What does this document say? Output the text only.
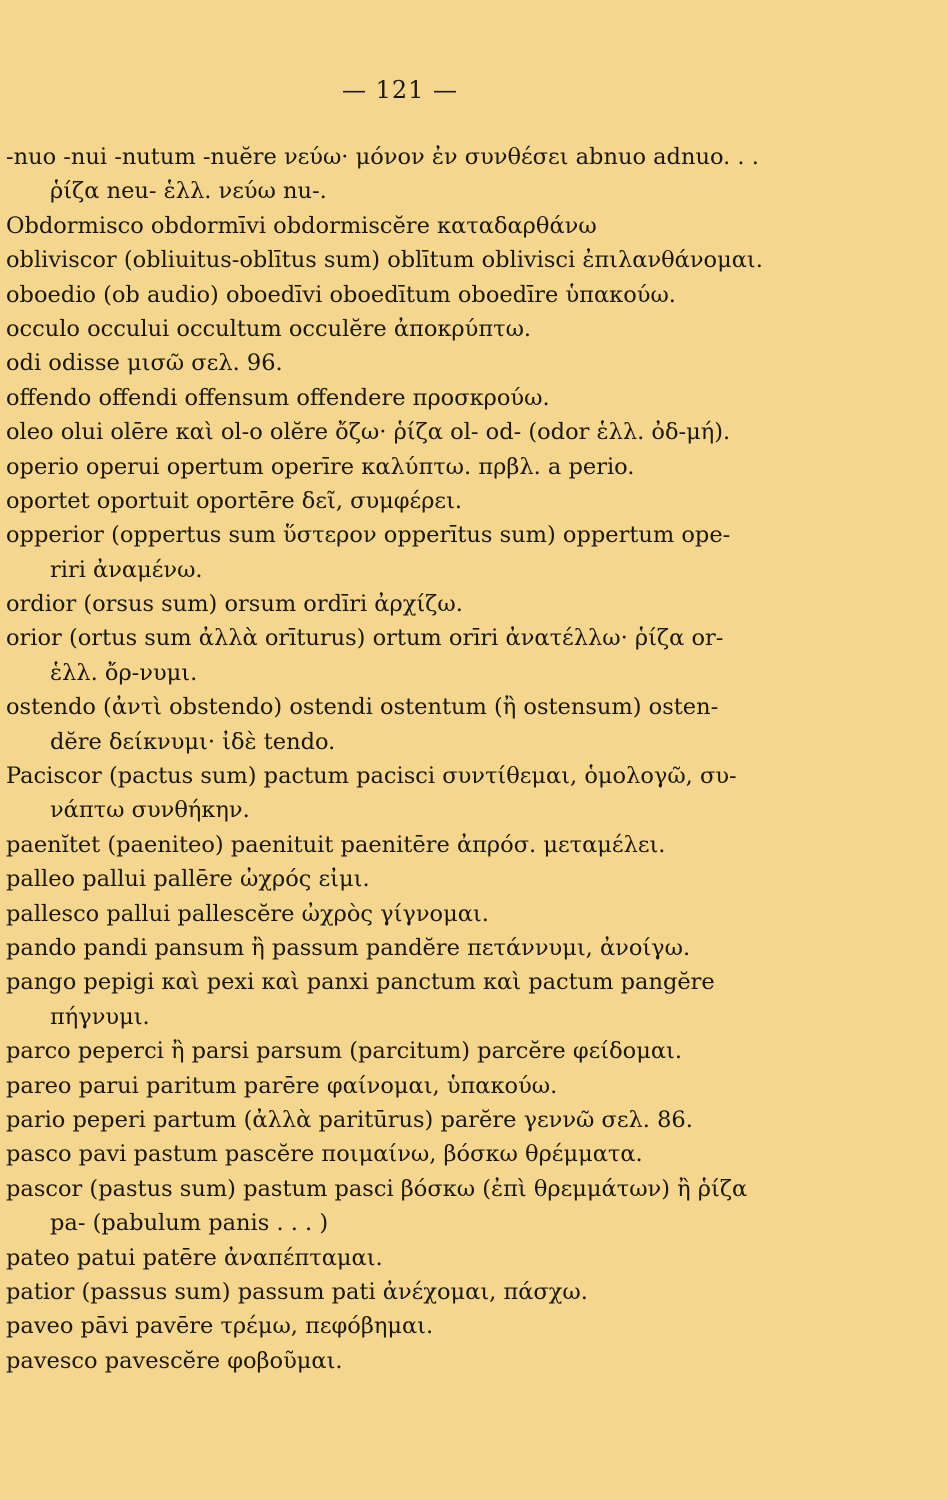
— 121 —
-nuo -nui -nutum -nuĕre νεύω· μόνον ἐν συνθέσει abnuo adnuo. . .
ῥίζα neu- ἑλλ. νεύω nu-.
Obdormisco obdormīvi obdormiscĕre καταδαρθάνω
obliviscor (obliuitus-oblītus sum) oblītum oblivisci ἐπιλανθάνομαι.
oboedio (ob audio) oboedīvi oboedītum oboedīre ὑπακούω.
occulo occului occultum occulĕre ἀποκρύπτω.
odi odisse μισῶ σελ. 96.
offendo offendi offensum offendere προσκρούω.
oleo olui olēre καὶ ol-o olĕre ὄζω· ῥίζα ol- od- (odor ἑλλ. ὀδ-μή).
operio operui opertum operīre καλύπτω. πρβλ. a perio.
oportet oportuit oportēre δεῖ, συμφέρει.
opperior (oppertus sum ὕστερον opperītus sum) oppertum ope-
riri ἀναμένω.
ordior (orsus sum) orsum ordīri ἀρχίζω.
orior (ortus sum ἀλλὰ orīturus) ortum orīri ἀνατέλλω· ῥίζα or-
ἑλλ. ὄρ-νυμι.
ostendo (ἀντὶ obstendo) ostendi ostentum (ἢ ostensum) osten-
dĕre δείκνυμι· ἰδὲ tendo.
Paciscor (pactus sum) pactum pacisci συντίθεμαι, ὁμολογῶ, συ-
νάπτω συνθήκην.
paenĭtet (paeniteo) paenituit paenitēre ἀπρόσ. μεταμέλει.
palleo pallui pallēre ὠχρός εἰμι.
pallesco pallui pallescĕre ὠχρὸς γίγνομαι.
pando pandi pansum ἢ passum pandĕre πετάννυμι, ἀνοίγω.
pango pepigi καὶ pexi καὶ panxi panctum καὶ pactum pangĕre
πήγνυμι.
parco peperci ἢ parsi parsum (parcitum) parcĕre φείδομαι.
pareo parui paritum parēre φαίνομαι, ὑπακούω.
pario peperi partum (ἀλλὰ paritūrus) parĕre γεννῶ σελ. 86.
pasco pavi pastum pascĕre ποιμαίνω, βόσκω θρέμματα.
pascor (pastus sum) pastum pasci βόσκω (ἐπὶ θρεμμάτων) ἢ ῥίζα
pa- (pabulum panis . . . )
pateo patui patēre ἀναπέπταμαι.
patior (passus sum) passum pati ἀνέχομαι, πάσχω.
paveo pāvi pavēre τρέμω, πεφόβημαι.
pavesco pavescĕre φοβοῦμαι.
